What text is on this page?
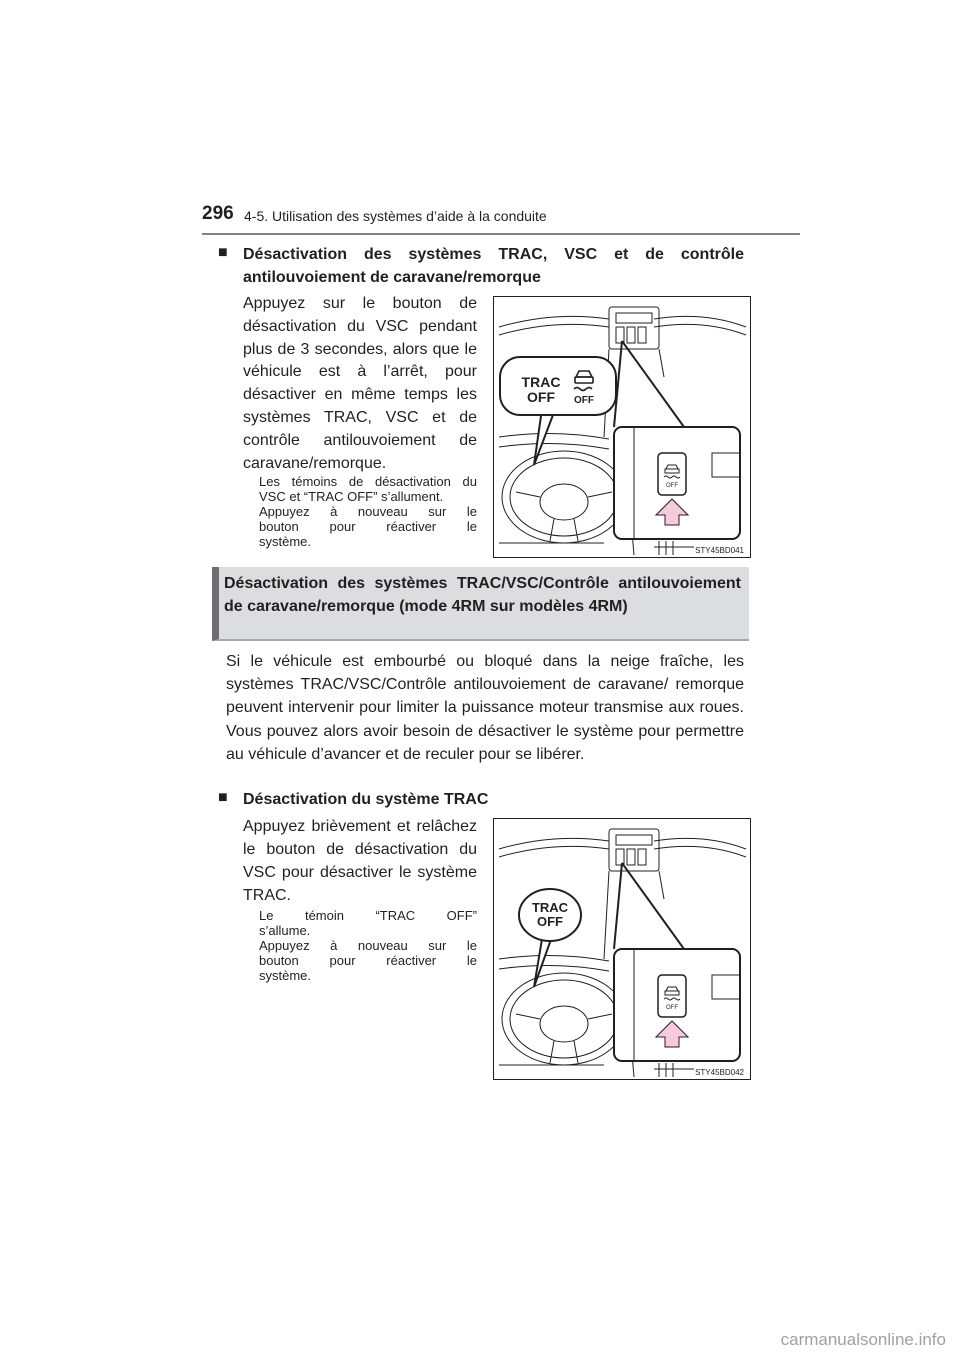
296 4-5. Utilisation des systèmes d’aide à la conduite
■ Désactivation des systèmes TRAC, VSC et de contrôle antilouvoiement de caravane/remorque
Appuyez sur le bouton de désactivation du VSC pendant plus de 3 secondes, alors que le véhicule est à l’arrêt, pour désactiver en même temps les systèmes TRAC, VSC et de contrôle antilouvoiement de caravane/remorque.
Les témoins de désactivation du
VSC et “TRAC OFF” s’allument.
Appuyez à nouveau sur le
bouton pour réactiver le
système.
TRAC
OFF OFF
OFF
STY45BD041
Désactivation des systèmes TRAC/VSC/Contrôle antilouvoiement de caravane/remorque (mode 4RM sur modèles 4RM)
Si le véhicule est embourbé ou bloqué dans la neige fraîche, les systèmes TRAC/VSC/Contrôle antilouvoiement de caravane/ remorque peuvent intervenir pour limiter la puissance moteur transmise aux roues. Vous pouvez alors avoir besoin de désactiver le système pour permettre au véhicule d’avancer et de reculer pour se libérer.
■ Désactivation du système TRAC
Appuyez brièvement et relâchez le bouton de désactivation du VSC pour désactiver le système TRAC.
Le témoin “TRAC OFF”
s’allume.
Appuyez à nouveau sur le
bouton pour réactiver le
système.
TRAC
OFF
OFF
STY45BD042
carmanualsonline.info
